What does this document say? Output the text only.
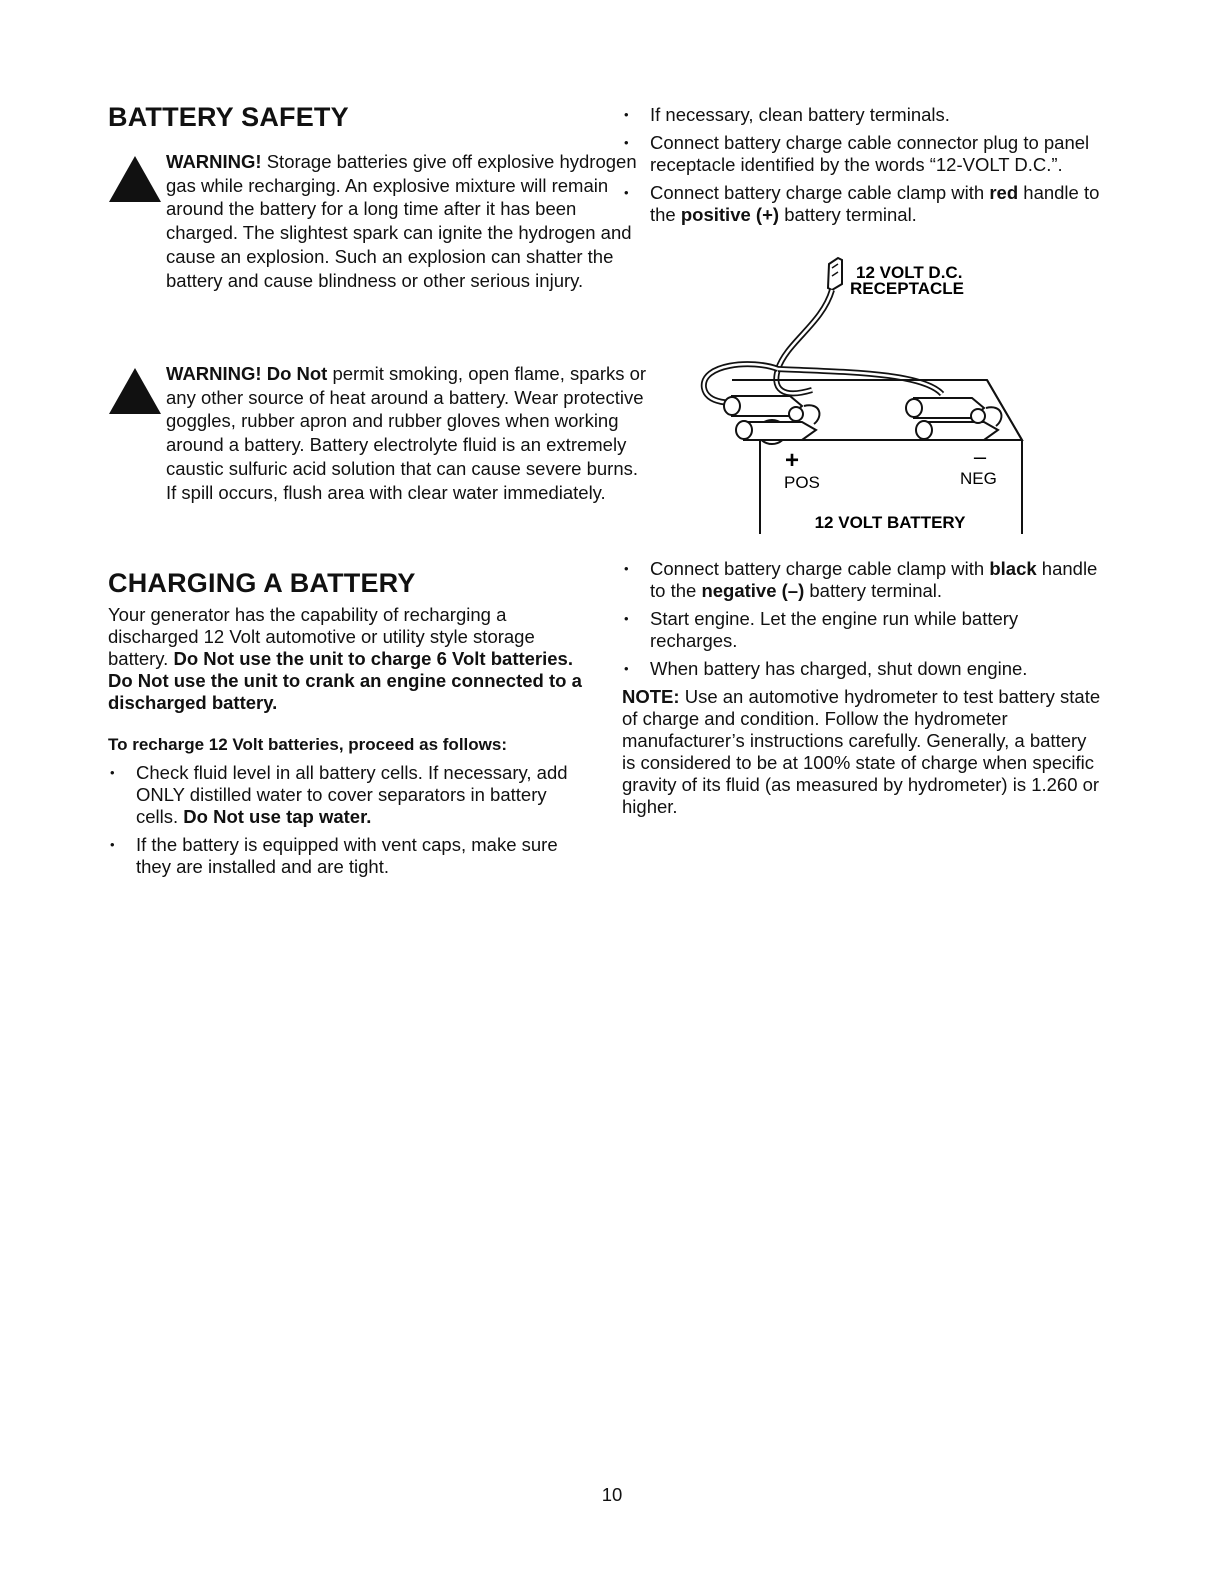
BATTERY SAFETY
WARNING! Storage batteries give off explosive hydrogen gas while recharging. An explosive mixture will remain around the battery for a long time after it has been charged. The slightest spark can ignite the hydrogen and cause an explosion. Such an explosion can shatter the battery and cause blindness or other serious injury.
WARNING! Do Not permit smoking, open flame, sparks or any other source of heat around a battery. Wear protective goggles, rubber apron and rubber gloves when working around a battery. Battery electrolyte fluid is an extremely caustic sulfuric acid solution that can cause severe burns. If spill occurs, flush area with clear water immediately.
CHARGING A BATTERY

Your generator has the capability of recharging a discharged 12 Volt automotive or utility style storage battery. Do Not use the unit to charge 6 Volt batteries. Do Not use the unit to crank an engine connected to a discharged battery.

To recharge 12 Volt batteries, proceed as follows:
• Check fluid level in all battery cells. If necessary, add ONLY distilled water to cover separators in battery cells. Do Not use tap water.
• If the battery is equipped with vent caps, make sure they are installed and are tight.
• If necessary, clean battery terminals.
• Connect battery charge cable connector plug to panel receptacle identified by the words “12-VOLT D.C.”.
• Connect battery charge cable clamp with red handle to the positive (+) battery terminal.
12 VOLT D.C.
RECEPTACLE
+	–
POS	NEG
12 VOLT BATTERY
• Connect battery charge cable clamp with black handle to the negative (–) battery terminal.
• Start engine. Let the engine run while battery recharges.
• When battery has charged, shut down engine.

NOTE: Use an automotive hydrometer to test battery state of charge and condition. Follow the hydrometer manufacturer’s instructions carefully. Generally, a battery is considered to be at 100% state of charge when specific gravity of its fluid (as measured by hydrometer) is 1.260 or higher.

10
